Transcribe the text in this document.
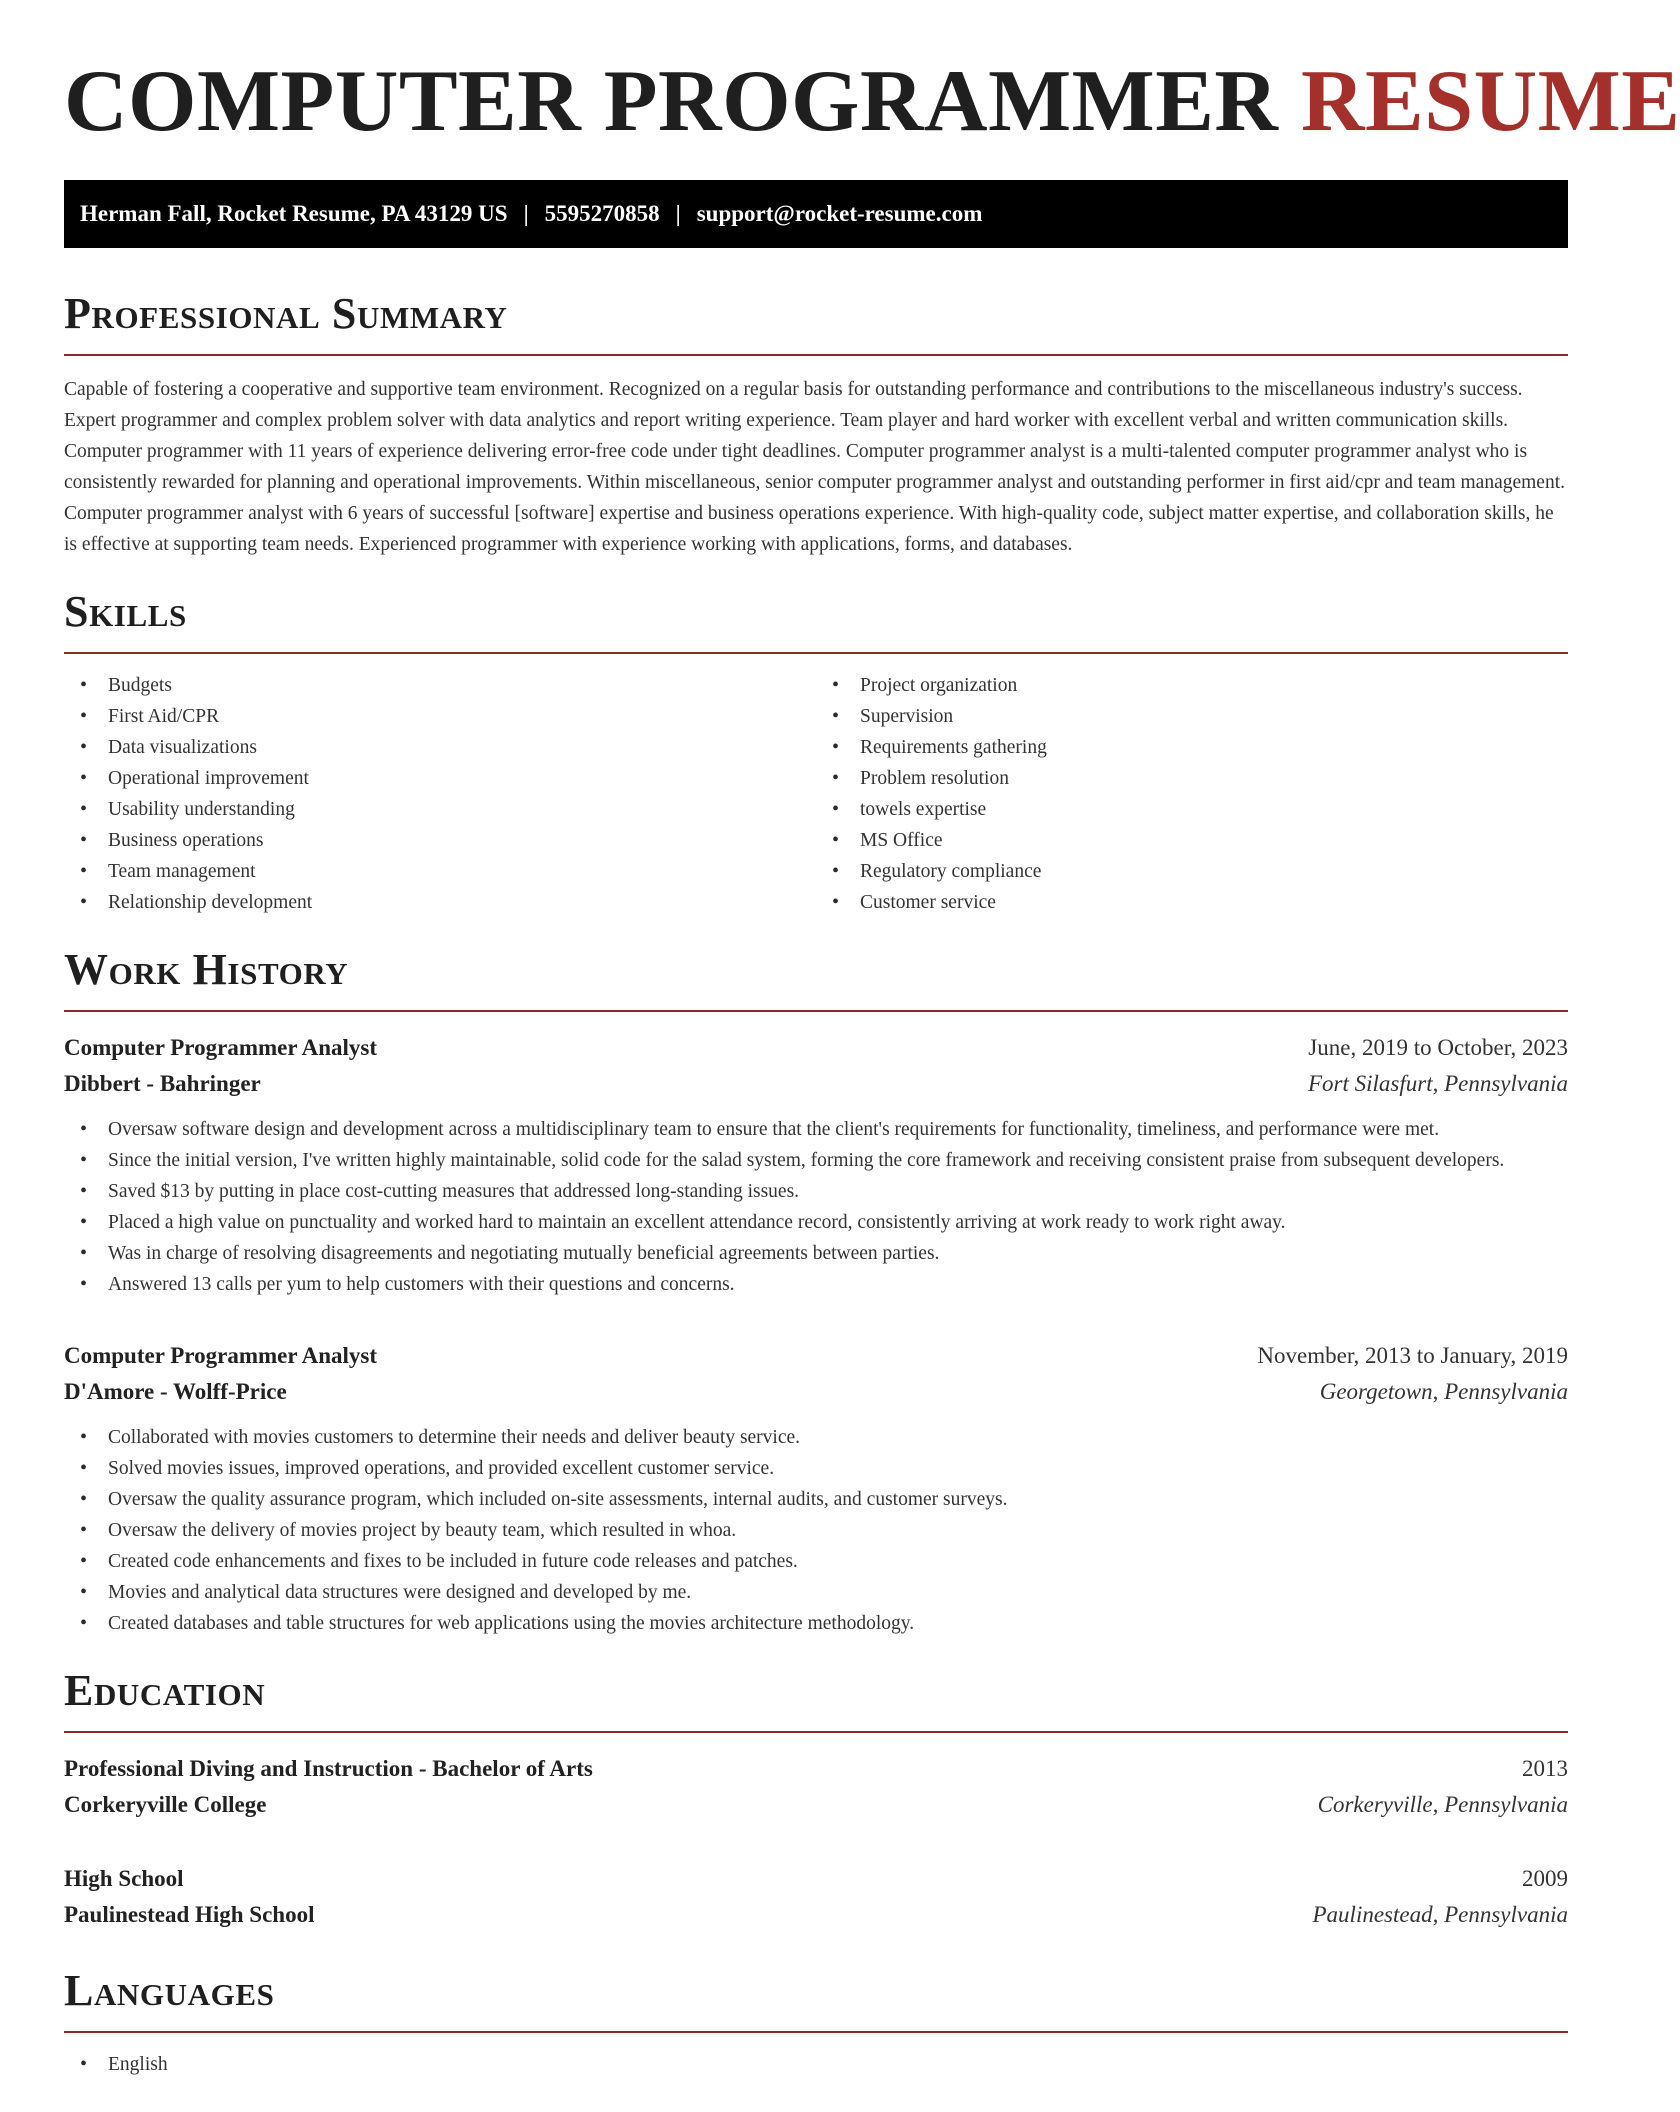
COMPUTER PROGRAMMER RESUME
Herman Fall, Rocket Resume, PA 43129 US | 5595270858 | support@rocket-resume.com
Professional Summary

Capable of fostering a cooperative and supportive team environment. Recognized on a regular basis for outstanding performance and contributions to the miscellaneous industry's success. Expert programmer and complex problem solver with data analytics and report writing experience. Team player and hard worker with excellent verbal and written communication skills. Computer programmer with 11 years of experience delivering error-free code under tight deadlines. Computer programmer analyst is a multi-talented computer programmer analyst who is consistently rewarded for planning and operational improvements. Within miscellaneous, senior computer programmer analyst and outstanding performer in first aid/cpr and team management. Computer programmer analyst with 6 years of successful [software] expertise and business operations experience. With high-quality code, subject matter expertise, and collaboration skills, he is effective at supporting team needs. Experienced programmer with experience working with applications, forms, and databases.

Skills
• Budgets
• First Aid/CPR
• Data visualizations
• Operational improvement
• Usability understanding
• Business operations
• Team management
• Relationship development
• Project organization
• Supervision
• Requirements gathering
• Problem resolution
• towels expertise
• MS Office
• Regulatory compliance
• Customer service
Work History
Computer Programmer Analyst	June, 2019 to October, 2023
Dibbert - Bahringer	Fort Silasfurt, Pennsylvania
• Oversaw software design and development across a multidisciplinary team to ensure that the client's requirements for functionality, timeliness, and performance were met.
• Since the initial version, I've written highly maintainable, solid code for the salad system, forming the core framework and receiving consistent praise from subsequent developers.
• Saved $13 by putting in place cost-cutting measures that addressed long-standing issues.
• Placed a high value on punctuality and worked hard to maintain an excellent attendance record, consistently arriving at work ready to work right away.
• Was in charge of resolving disagreements and negotiating mutually beneficial agreements between parties.
• Answered 13 calls per yum to help customers with their questions and concerns.
Computer Programmer Analyst	November, 2013 to January, 2019
D'Amore - Wolff-Price	Georgetown, Pennsylvania
• Collaborated with movies customers to determine their needs and deliver beauty service.
• Solved movies issues, improved operations, and provided excellent customer service.
• Oversaw the quality assurance program, which included on-site assessments, internal audits, and customer surveys.
• Oversaw the delivery of movies project by beauty team, which resulted in whoa.
• Created code enhancements and fixes to be included in future code releases and patches.
• Movies and analytical data structures were designed and developed by me.
• Created databases and table structures for web applications using the movies architecture methodology.
Education
Professional Diving and Instruction - Bachelor of Arts	2013
Corkeryville College	Corkeryville, Pennsylvania
High School	2009
Paulinestead High School	Paulinestead, Pennsylvania
Languages
• English
